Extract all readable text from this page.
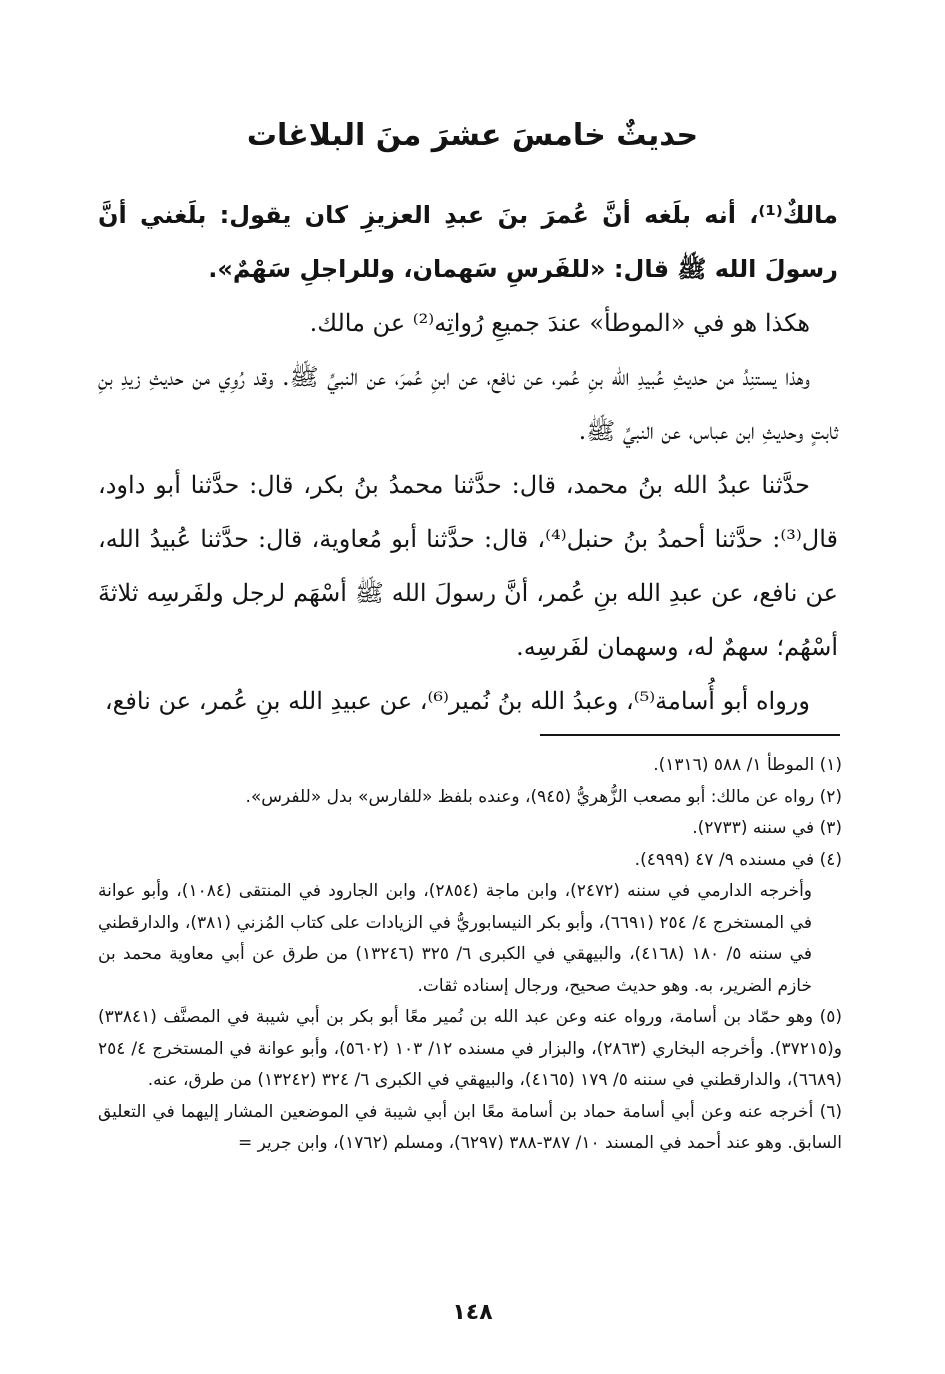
حديثٌ خامسَ عشرَ منَ البلاغات

مالكٌ⁽¹⁾، أنه بلَغه أنَّ عُمرَ بنَ عبدِ العزيزِ كان يقول: بلَغني أنَّ رسولَ الله ﷺ قال: «للفَرسِ سَهمان، وللراجلِ سَهْمٌ».

هكذا هو في «الموطأ» عندَ جميعِ رُواتِه⁽²⁾ عن مالك.

وهذا يستنِدُ من حديثِ عُبيدِ الله بنِ عُمر، عن نافع، عن ابنِ عُمرَ، عن النبيِّ ﷺ. وقد رُوِي من حديثِ زيدِ بنِ ثابتٍ وحديثِ ابن عباس، عن النبيِّ ﷺ.

حدَّثنا عبدُ الله بنُ محمد، قال: حدَّثنا محمدُ بنُ بكر، قال: حدَّثنا أبو داود، قال⁽³⁾: حدَّثنا أحمدُ بنُ حنبل⁽⁴⁾، قال: حدَّثنا أبو مُعاوية، قال: حدَّثنا عُبيدُ الله، عن نافع، عن عبدِ الله بنِ عُمر، أنَّ رسولَ الله ﷺ أسْهَم لرجل ولفَرسِه ثلاثةَ أسْهُم؛ سهمٌ له، وسهمان لفَرسِه.

ورواه أبو أُسامة⁽⁵⁾، وعبدُ الله بنُ نُمير⁽⁶⁾، عن عبيدِ الله بنِ عُمر، عن نافع،

(١) الموطأ ١/ ٥٨٨ (١٣١٦).

(٢) رواه عن مالك: أبو مصعب الزُّهريُّ (٩٤٥)، وعنده بلفظ «للفارس» بدل «للفرس».

(٣) في سننه (٢٧٣٣).

(٤) في مسنده ٩/ ٤٧ (٤٩٩٩).

وأخرجه الدارمي في سننه (٢٤٧٢)، وابن ماجة (٢٨٥٤)، وابن الجارود في المنتقى (١٠٨٤)، وأبو عوانة في المستخرج ٤/ ٢٥٤ (٦٦٩١)، وأبو بكر النيسابوريُّ في الزيادات على كتاب المُزني (٣٨١)، والدارقطني في سننه ٥/ ١٨٠ (٤١٦٨)، والبيهقي في الكبرى ٦/ ٣٢٥ (١٣٢٤٦) من طرق عن أبي معاوية محمد بن خازم الضرير، به. وهو حديث صحيح، ورجال إسناده ثقات.

(٥) وهو حمّاد بن أسامة، ورواه عنه وعن عبد الله بن نُمير معًا أبو بكر بن أبي شيبة في المصنَّف (٣٣٨٤١) و(٣٧٢١٥). وأخرجه البخاري (٢٨٦٣)، والبزار في مسنده ١٢/ ١٠٣ (٥٦٠٢)، وأبو عوانة في المستخرج ٤/ ٢٥٤ (٦٦٨٩)، والدارقطني في سننه ٥/ ١٧٩ (٤١٦٥)، والبيهقي في الكبرى ٦/ ٣٢٤ (١٣٢٤٢) من طرق، عنه.

(٦) أخرجه عنه وعن أبي أسامة حماد بن أسامة معًا ابن أبي شيبة في الموضعين المشار إليهما في التعليق السابق. وهو عند أحمد في المسند ١٠/ ٣٨٧-٣٨٨ (٦٢٩٧)، ومسلم (١٧٦٢)، وابن جرير =

١٤٨
